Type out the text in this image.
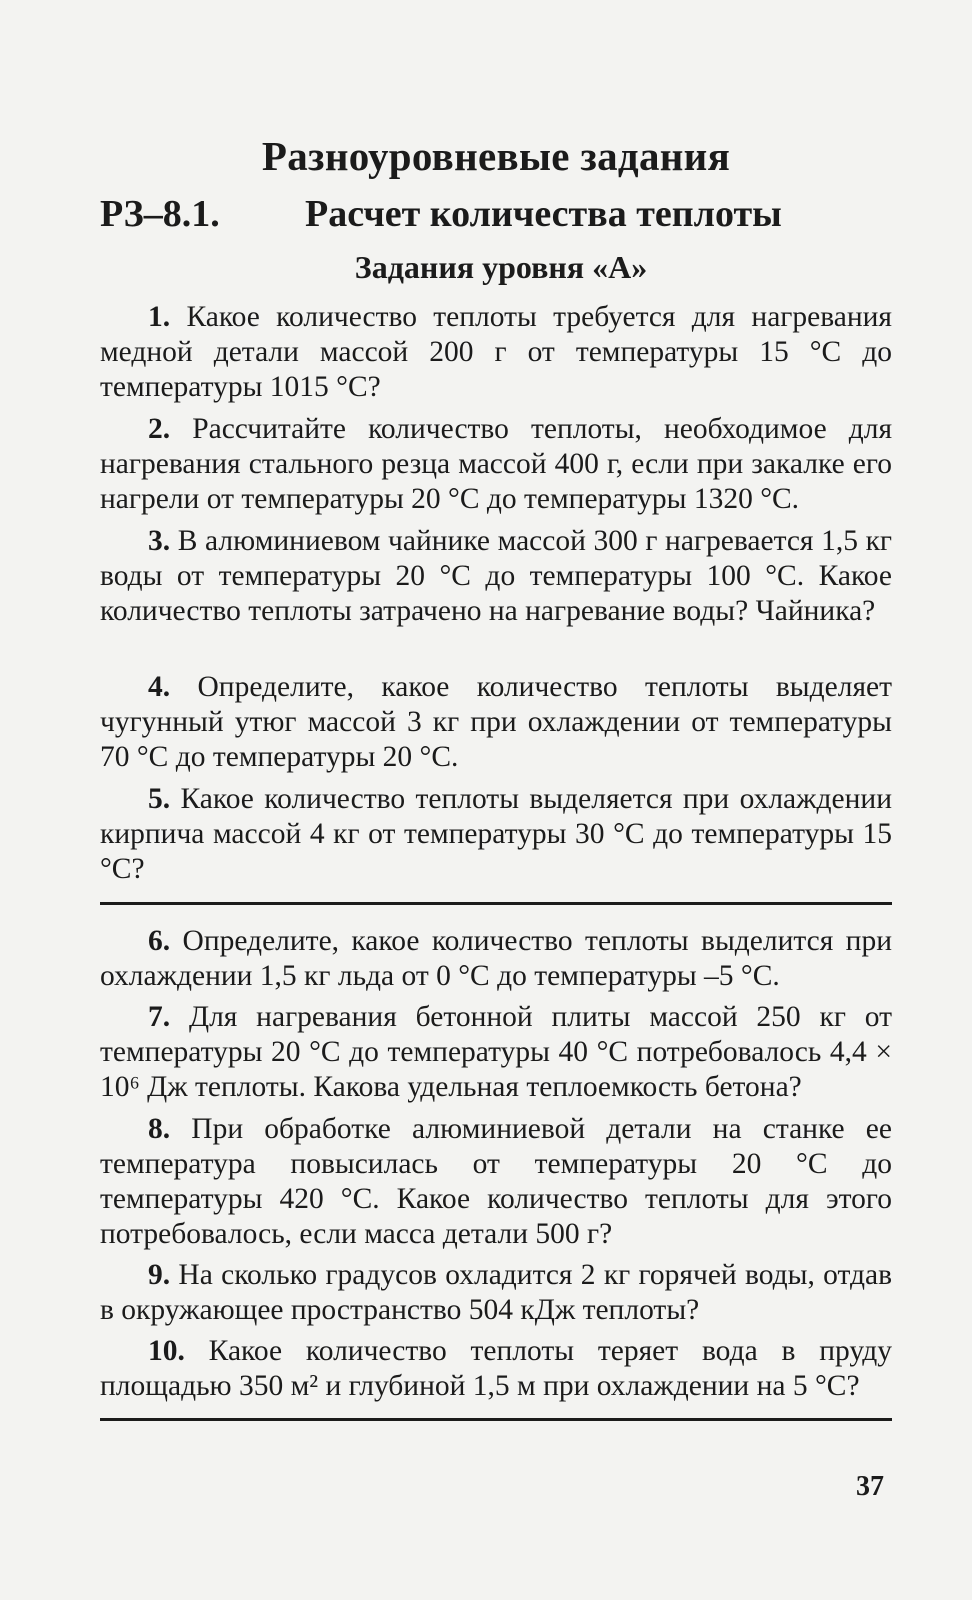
Разноуровневые задания
РЗ–8.1. Расчет количества теплоты
Задания уровня «А»
1. Какое количество теплоты требуется для нагревания медной детали массой 200 г от температуры 15 °С до температуры 1015 °С?
2. Рассчитайте количество теплоты, необходимое для нагревания стального резца массой 400 г, если при закалке его нагрели от температуры 20 °С до температуры 1320 °С.
3. В алюминиевом чайнике массой 300 г нагревается 1,5 кг воды от температуры 20 °С до температуры 100 °С. Какое количество теплоты затрачено на нагревание воды? Чайника?
4. Определите, какое количество теплоты выделяет чугунный утюг массой 3 кг при охлаждении от температуры 70 °С до температуры 20 °С.
5. Какое количество теплоты выделяется при охлаждении кирпича массой 4 кг от температуры 30 °С до температуры 15 °С?
6. Определите, какое количество теплоты выделится при охлаждении 1,5 кг льда от 0 °С до температуры –5 °С.
7. Для нагревания бетонной плиты массой 250 кг от температуры 20 °С до температуры 40 °С потребовалось 4,4 × 10⁶ Дж теплоты. Какова удельная теплоемкость бетона?
8. При обработке алюминиевой детали на станке ее температура повысилась от температуры 20 °С до температуры 420 °С. Какое количество теплоты для этого потребовалось, если масса детали 500 г?
9. На сколько градусов охладится 2 кг горячей воды, отдав в окружающее пространство 504 кДж теплоты?
10. Какое количество теплоты теряет вода в пруду площадью 350 м² и глубиной 1,5 м при охлаждении на 5 °С?
37
